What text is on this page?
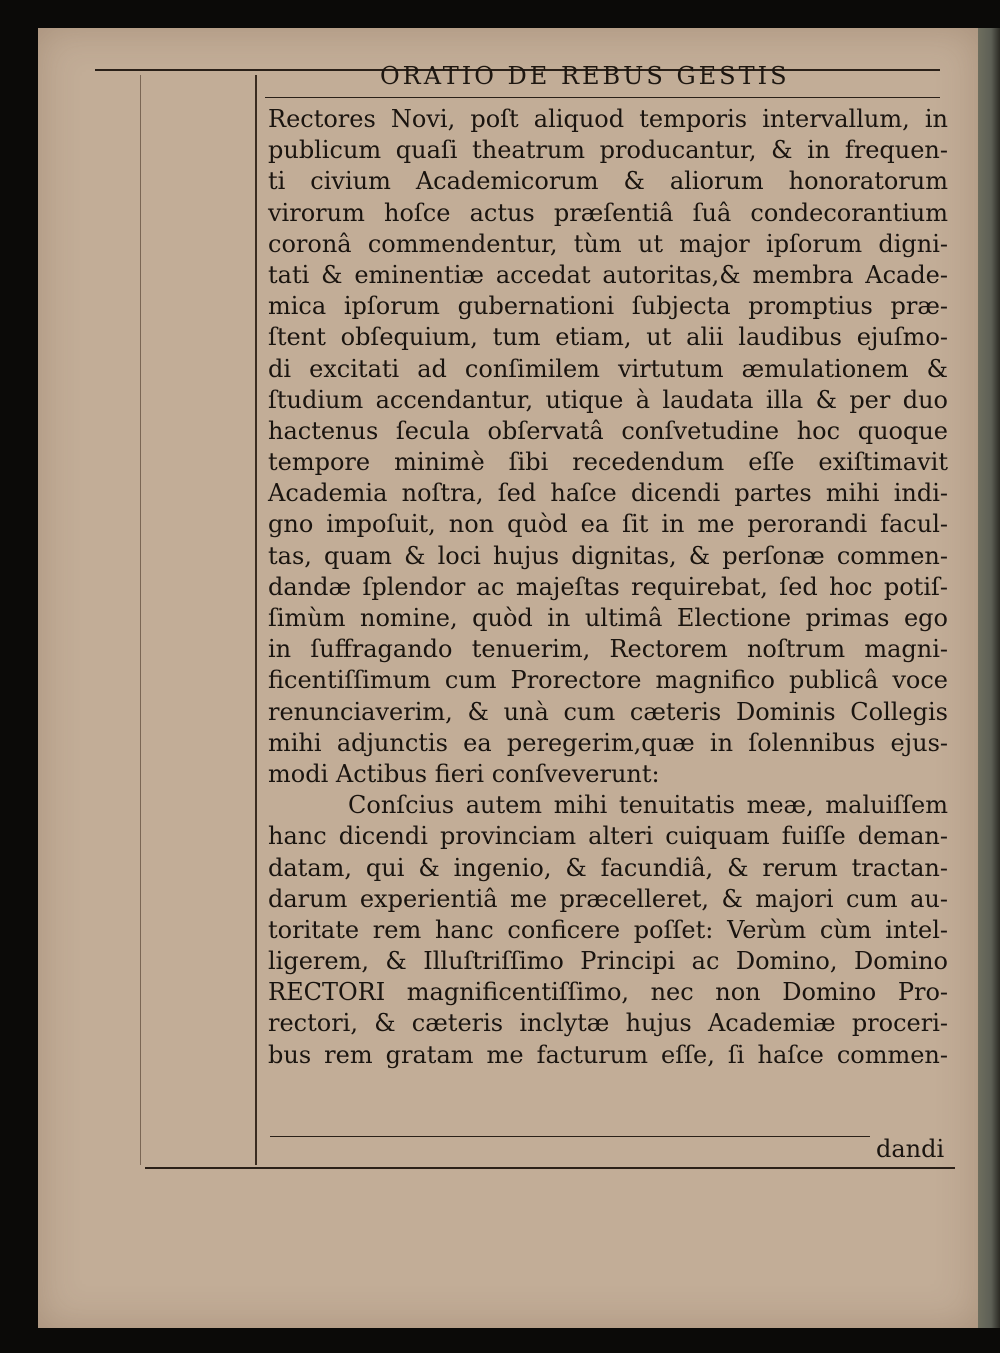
ORATIO DE REBUS GESTIS
Rectores Novi, poſt aliquod temporis intervallum, in
publicum quaſi theatrum producantur, & in frequen-
ti civium Academicorum & aliorum honoratorum
virorum hoſce actus præſentiâ ſuâ condecorantium
coronâ commendentur, tùm ut major ipſorum digni-
tati & eminentiæ accedat autoritas,& membra Acade-
mica ipſorum gubernationi ſubjecta promptius præ-
ſtent obſequium, tum etiam, ut alii laudibus ejuſmo-
di excitati ad conſimilem virtutum æmulationem &
ſtudium accendantur, utique à laudata illa & per duo
hactenus ſecula obſervatâ conſvetudine hoc quoque
tempore minimè ſibi recedendum eſſe exiſtimavit
Academia noſtra, ſed haſce dicendi partes mihi indi-
gno impoſuit, non quòd ea ſit in me perorandi facul-
tas, quam & loci hujus dignitas, & perſonæ commen-
dandæ ſplendor ac majeſtas requirebat, ſed hoc potiſ-
ſimùm nomine, quòd in ultimâ Electione primas ego
in ſuffragando tenuerim, Rectorem noſtrum magni-
ficentiſſimum cum Prorectore magnifico publicâ voce
renunciaverim, & unà cum cæteris Dominis Collegis
mihi adjunctis ea peregerim,quæ in ſolennibus ejus-
modi Actibus fieri conſveverunt:
Conſcius autem mihi tenuitatis meæ, maluiſſem
hanc dicendi provinciam alteri cuiquam fuiſſe deman-
datam, qui & ingenio, & facundiâ, & rerum tractan-
darum experientiâ me præcelleret, & majori cum au-
toritate rem hanc conficere poſſet: Verùm cùm intel-
ligerem, & Illuſtriſſimo Principi ac Domino, Domino
RECTORI magnificentiſſimo, nec non Domino Pro-
rectori, & cæteris inclytæ hujus Academiæ proceri-
bus rem gratam me facturum eſſe, ſi haſce commen-
dandi
